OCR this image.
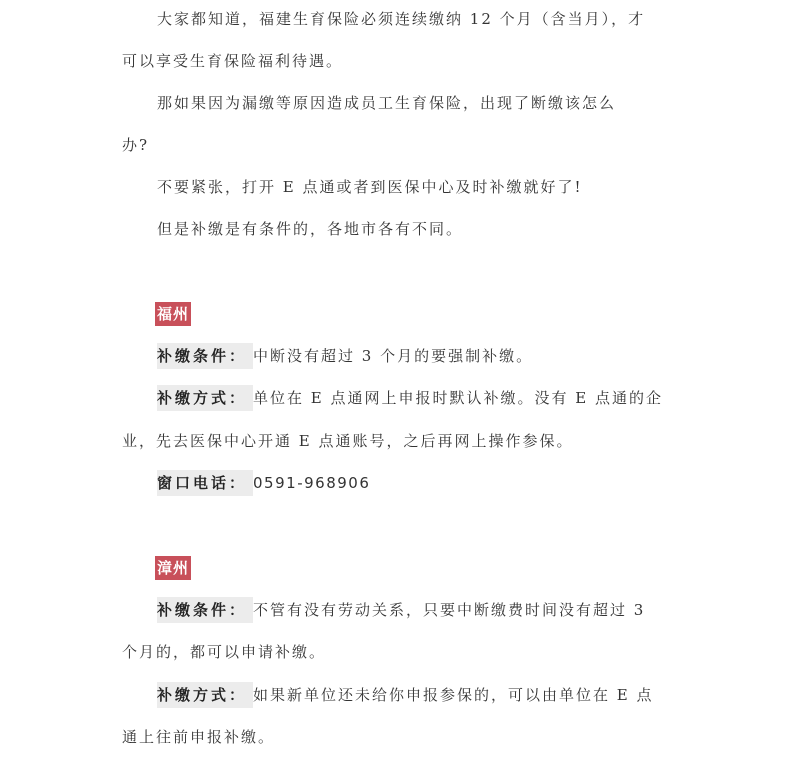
大家都知道，福建生育保险必须连续缴纳 12 个月（含当月），才

可以享受生育保险福利待遇。

那如果因为漏缴等原因造成员工生育保险，出现了断缴该怎么

办?

不要紧张，打开 E 点通或者到医保中心及时补缴就好了!

但是补缴是有条件的，各地市各有不同。

福州

补缴条件： 中断没有超过 3 个月的要强制补缴。

补缴方式： 单位在 E 点通网上申报时默认补缴。没有 E 点通的企

业，先去医保中心开通 E 点通账号，之后再网上操作参保。

窗口电话： 0591-968906

漳州

补缴条件： 不管有没有劳动关系，只要中断缴费时间没有超过 3

个月的，都可以申请补缴。

补缴方式： 如果新单位还未给你申报参保的，可以由单位在 E 点

通上往前申报补缴。
